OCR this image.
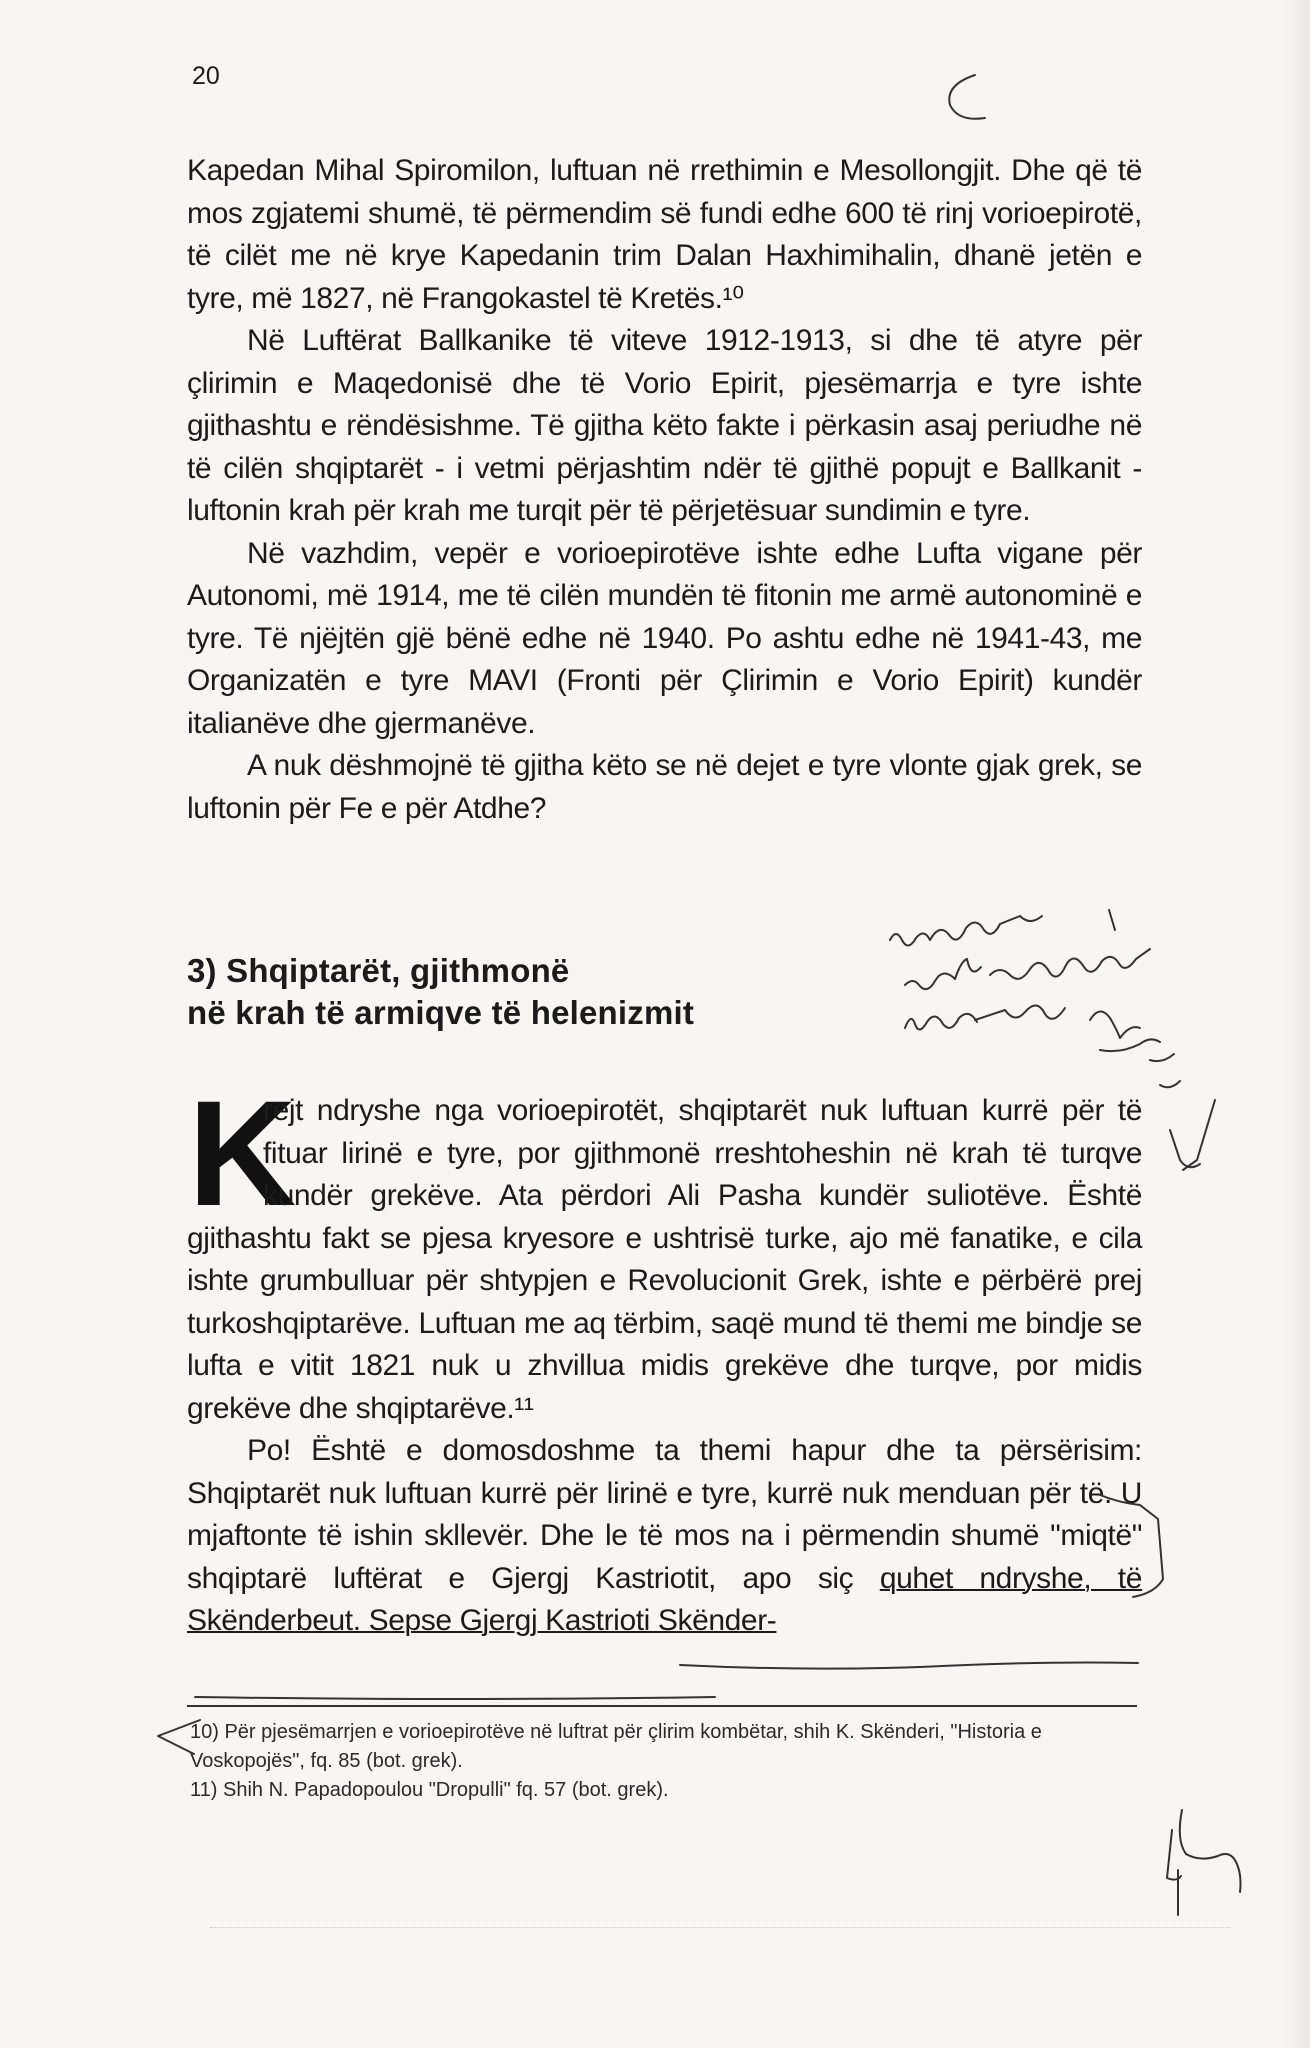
20

Kapedan Mihal Spiromilon, luftuan në rrethimin e Mesollongjit. Dhe që të mos zgjatemi shumë, të përmendim së fundi edhe 600 të rinj vorioepirotë, të cilët me në krye Kapedanin trim Dalan Haxhimihalin, dhanë jetën e tyre, më 1827, në Frangokastel të Kretës.¹⁰

Në Luftërat Ballkanike të viteve 1912-1913, si dhe të atyre për çlirimin e Maqedonisë dhe të Vorio Epirit, pjesëmarrja e tyre ishte gjithashtu e rëndësishme. Të gjitha këto fakte i përkasin asaj periudhe në të cilën shqiptarët - i vetmi përjashtim ndër të gjithë popujt e Ballkanit - luftonin krah për krah me turqit për të përjetësuar sundimin e tyre.

Në vazhdim, vepër e vorioepirotëve ishte edhe Lufta vigane për Autonomi, më 1914, me të cilën mundën të fitonin me armë autonominë e tyre. Të njëjtën gjë bënë edhe në 1940. Po ashtu edhe në 1941-43, me Organizatën e tyre MAVI (Fronti për Çlirimin e Vorio Epirit) kundër italianëve dhe gjermanëve.

A nuk dëshmojnë të gjitha këto se në dejet e tyre vlonte gjak grek, se luftonin për Fe e për Atdhe?

3) Shqiptarët, gjithmonë
në krah të armiqve të helenizmit
K

rejt ndryshe nga vorioepirotët, shqiptarët nuk luftuan kurrë për të fituar lirinë e tyre, por gjithmonë rreshtoheshin në krah të turqve kundër grekëve. Ata përdori Ali Pasha kundër suliotëve. Është gjithashtu fakt se pjesa kryesore e ushtrisë turke, ajo më fanatike, e cila ishte grumbulluar për shtypjen e Revolucionit Grek, ishte e përbërë prej turkoshqiptarëve. Luftuan me aq tërbim, saqë mund të themi me bindje se lufta e vitit 1821 nuk u zhvillua midis grekëve dhe turqve, por midis grekëve dhe shqiptarëve.¹¹

Po! Është e domosdoshme ta themi hapur dhe ta përsërisim: Shqiptarët nuk luftuan kurrë për lirinë e tyre, kurrë nuk menduan për të. U mjaftonte të ishin skllevër. Dhe le të mos na i përmendin shumë "miqtë" shqiptarë luftërat e Gjergj Kastriotit, apo siç quhet ndryshe, të Skënderbeut. Sepse Gjergj Kastrioti Skënder-

10) Për pjesëmarrjen e vorioepirotëve në luftrat për çlirim kombëtar, shih K. Skënderi, "Historia e Voskopojës", fq. 85 (bot. grek).

11) Shih N. Papadopoulou "Dropulli" fq. 57 (bot. grek).
